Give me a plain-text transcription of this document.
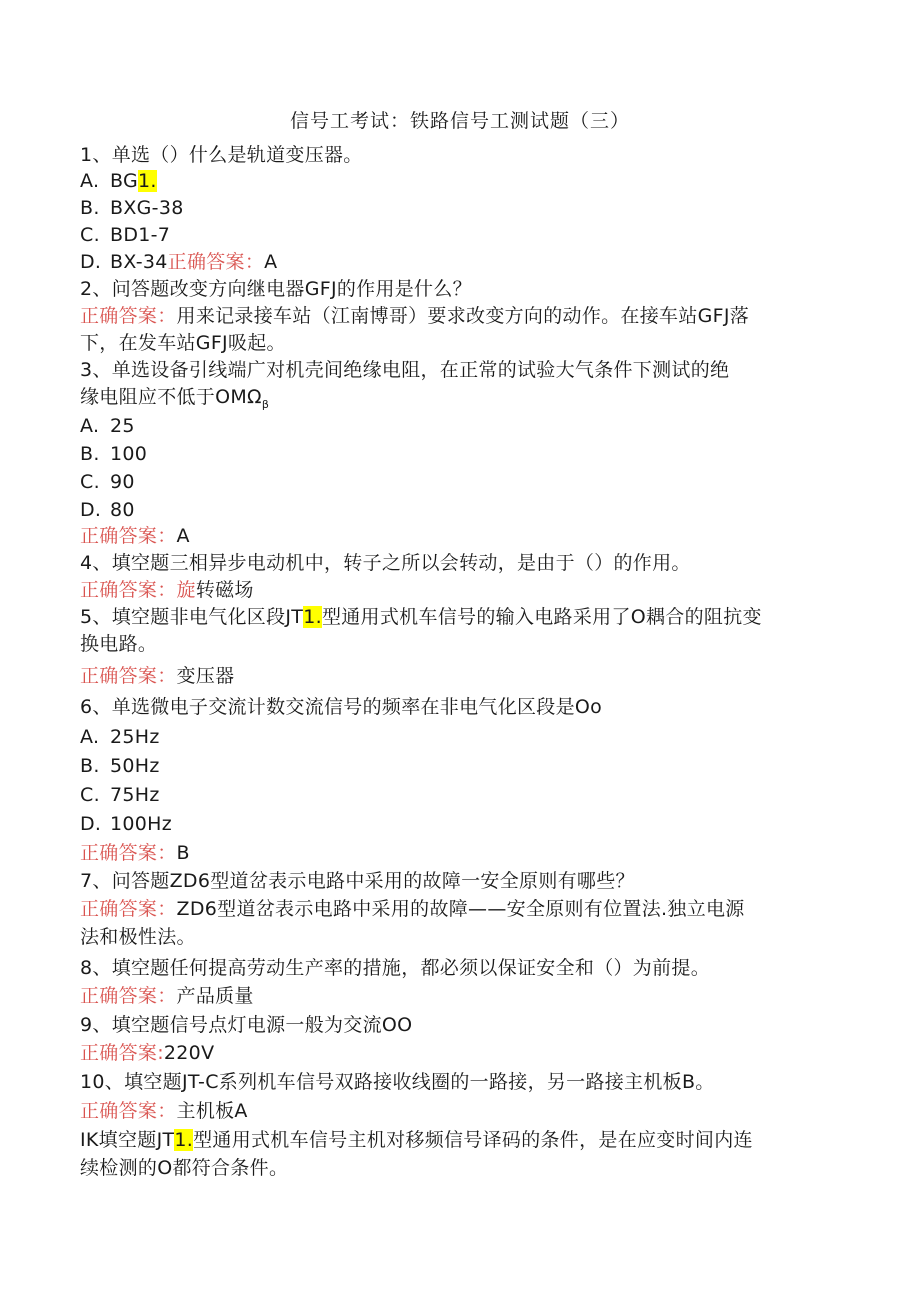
信号工考试：铁路信号工测试题（三）
1、单选（）什么是轨道变压器。
A. BG1.
B. BXG-38
C. BD1-7
D. BX-34正确答案：A
2、问答题改变方向继电器GFJ的作用是什么？
正确答案：用来记录接车站（江南博哥）要求改变方向的动作。在接车站GFJ落
下，在发车站GFJ吸起。
3、单选设备引线端广对机壳间绝缘电阻，在正常的试验大气条件下测试的绝
缘电阻应不低于$OM\Omega_\beta$
A. 25
B. 100
C. 90
D. 80
正确答案：A
4、填空题三相异步电动机中，转子之所以会转动，是由于（）的作用。
正确答案：旋转磁场
5、填空题非电气化区段JT1.型通用式机车信号的输入电路采用了O耦合的阻抗变
换电路。
正确答案：变压器
6、单选微电子交流计数交流信号的频率在非电气化区段是Oo
A. 25Hz
B. 50Hz
C. 75Hz
D. 100Hz
正确答案：B
7、问答题ZD6型道岔表示电路中采用的故障一安全原则有哪些？
正确答案：ZD6型道岔表示电路中采用的故障——安全原则有位置法.独立电源
法和极性法。
8、填空题任何提高劳动生产率的措施，都必须以保证安全和（）为前提。
正确答案：产品质量
9、填空题信号点灯电源一般为交流OO
正确答案:220V
10、填空题JT-C系列机车信号双路接收线圈的一路接，另一路接主机板B。
正确答案：主机板A
IK填空题JT1.型通用式机车信号主机对移频信号译码的条件，是在应变时间内连
续检测的O都符合条件。
